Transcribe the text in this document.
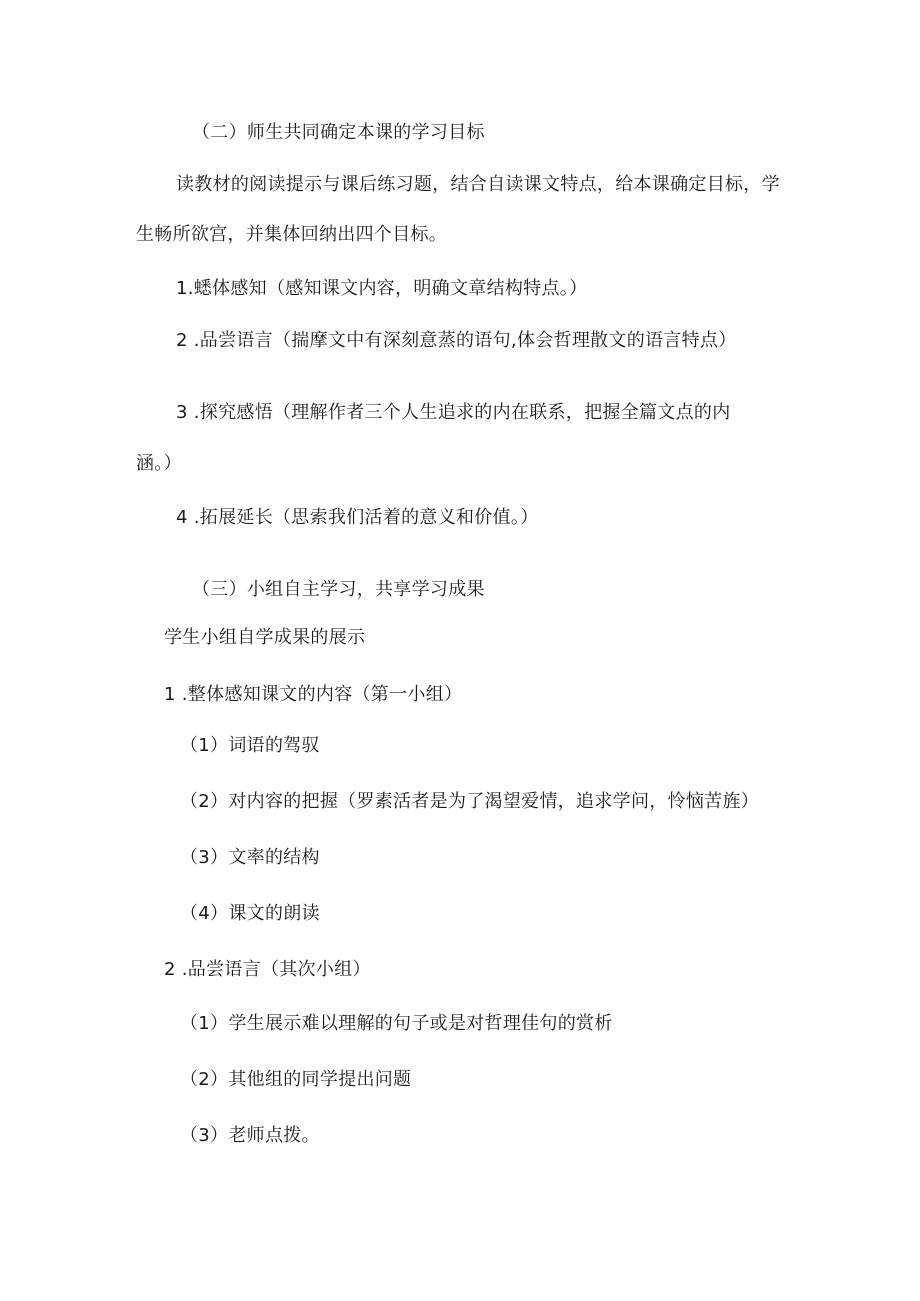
（二）师生共同确定本课的学习目标
读教材的阅读提示与课后练习题，结合自读课文特点，给本课确定目标，学
生畅所欲宫，并集体回纳出四个目标。
1.蟋体感知（感知课文内容，明确文章结构特点。）
2 .品尝语言（揣摩文中有深刻意蒸的语句,体会哲理散文的语言特点）
3 .探究感悟（理解作者三个人生追求的内在联系，把握全篇文点的内
涵。）
4 .拓展延长（思索我们活着的意义和价值。）
（三）小组自主学习，共享学习成果
学生小组自学成果的展示
1 .整体感知课文的内容（第一小组）
（1）词语的驾驭
（2）对内容的把握（罗素活者是为了渴望爱情，追求学问，怜恼苦旌）
（3）文率的结构
（4）课文的朗读
2 .品尝语言（其次小组）
（1）学生展示难以理解的句子或是对哲理佳句的赏析
（2）其他组的同学提出问题
（3）老师点拨。
